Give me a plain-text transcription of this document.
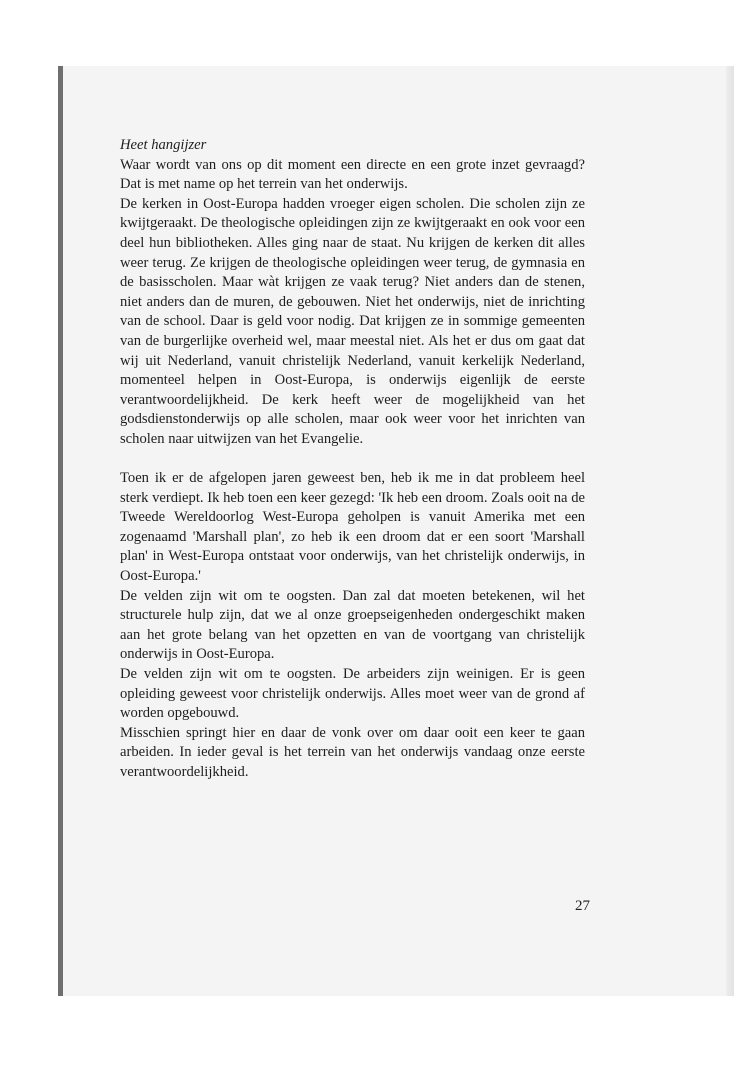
Heet hangijzer

Waar wordt van ons op dit moment een directe en een grote inzet gevraagd? Dat is met name op het terrein van het onderwijs.

De kerken in Oost-Europa hadden vroeger eigen scholen. Die scholen zijn ze kwijtgeraakt. De theologische opleidingen zijn ze kwijtgeraakt en ook voor een deel hun bibliotheken. Alles ging naar de staat. Nu krijgen de kerken dit alles weer terug. Ze krijgen de theologische opleidingen weer terug, de gymnasia en de basisscholen. Maar wàt krijgen ze vaak terug? Niet anders dan de stenen, niet anders dan de muren, de gebouwen. Niet het onderwijs, niet de inrichting van de school. Daar is geld voor nodig. Dat krijgen ze in sommige gemeenten van de burgerlijke overheid wel, maar meestal niet. Als het er dus om gaat dat wij uit Nederland, vanuit christelijk Nederland, vanuit kerkelijk Nederland, momenteel helpen in Oost-Europa, is onderwijs eigenlijk de eerste verantwoordelijkheid. De kerk heeft weer de mogelijkheid van het godsdienstonderwijs op alle scholen, maar ook weer voor het inrichten van scholen naar uitwijzen van het Evangelie.

Toen ik er de afgelopen jaren geweest ben, heb ik me in dat probleem heel sterk verdiept. Ik heb toen een keer gezegd: 'Ik heb een droom. Zoals ooit na de Tweede Wereldoorlog West-Europa geholpen is vanuit Amerika met een zogenaamd 'Marshall plan', zo heb ik een droom dat er een soort 'Marshall plan' in West-Europa ontstaat voor onderwijs, van het christelijk onderwijs, in Oost-Europa.'

De velden zijn wit om te oogsten. Dan zal dat moeten betekenen, wil het structurele hulp zijn, dat we al onze groepseigenheden ondergeschikt maken aan het grote belang van het opzetten en van de voortgang van christelijk onderwijs in Oost-Europa.

De velden zijn wit om te oogsten. De arbeiders zijn weinigen. Er is geen opleiding geweest voor christelijk onderwijs. Alles moet weer van de grond af worden opgebouwd.

Misschien springt hier en daar de vonk over om daar ooit een keer te gaan arbeiden. In ieder geval is het terrein van het onderwijs vandaag onze eerste verantwoordelijkheid.

27
